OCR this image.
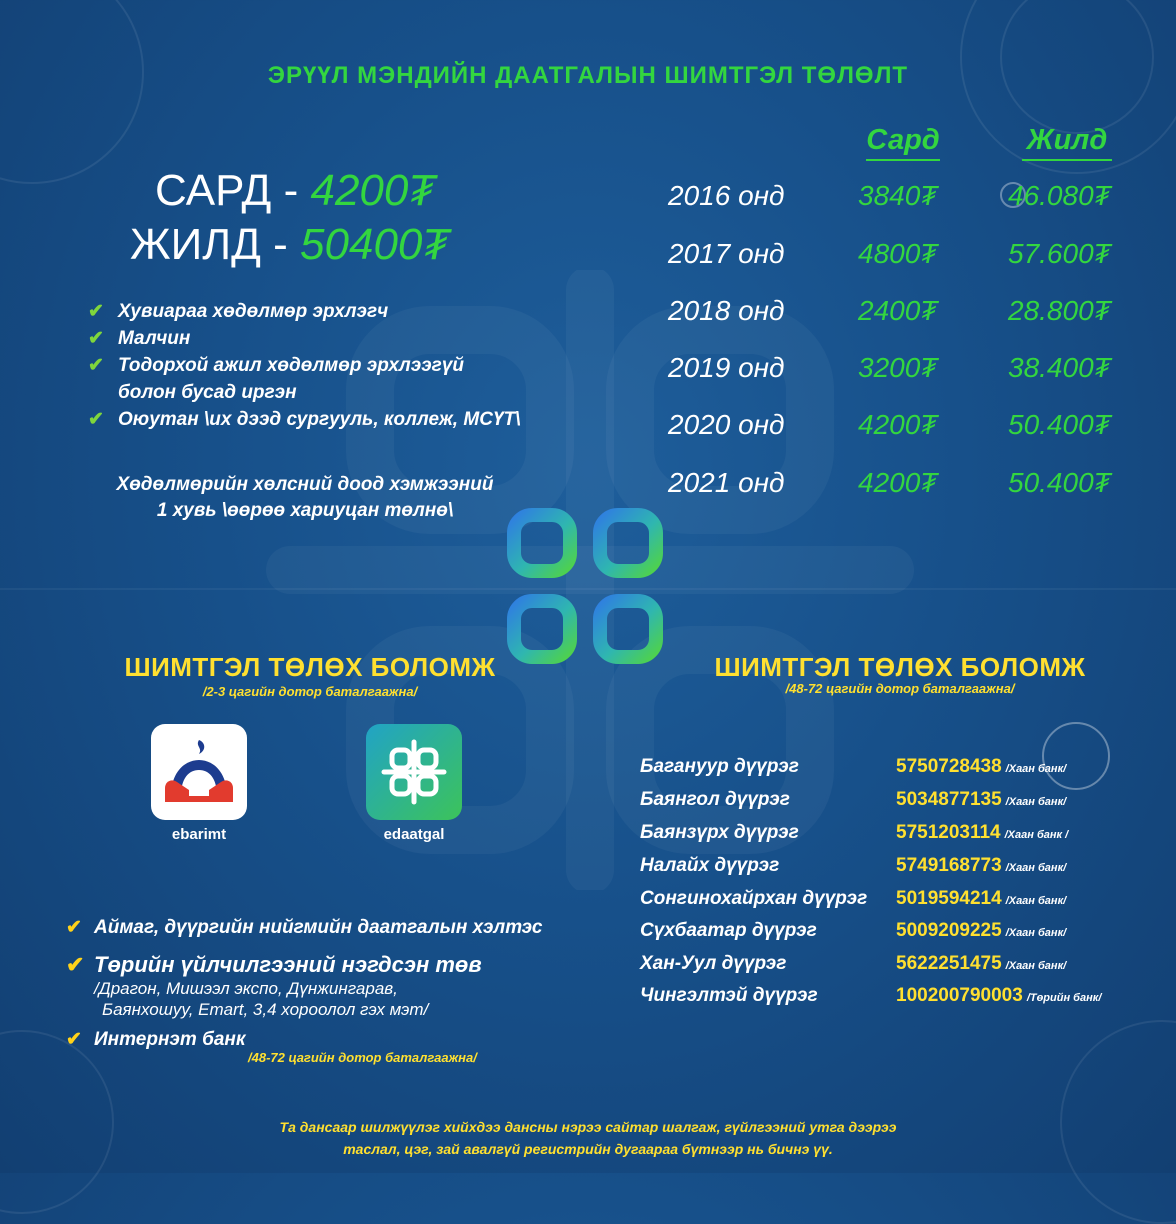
ЭРҮҮЛ МЭНДИЙН ДААТГАЛЫН ШИМТГЭЛ ТӨЛӨЛТ
САРД - 4200₮
ЖИЛД - 50400₮
✔ Хувиараа хөдөлмөр эрхлэгч
✔ Малчин
✔ Тодорхой ажил хөдөлмөр эрхлээгүй болон бусад иргэн
✔ Оюутан \их дээд сургууль, коллеж, МСҮТ\
Хөдөлмөрийн хөлсний доод хэмжээний
1 хувь \өөрөө хариуцан төлнө\
Сард	Жилд
2016 онд	3840₮	46.080₮
2017 онд	4800₮	57.600₮
2018 онд	2400₮	28.800₮
2019 онд	3200₮	38.400₮
2020 онд	4200₮	50.400₮
2021 онд	4200₮	50.400₮
ШИМТГЭЛ ТӨЛӨХ БОЛОМЖ
/2-3 цагийн дотор баталгаажна/
ebarimt	edaatgal
✔ Аймаг, дүүргийн нийгмийн даатгалын хэлтэс
✔ Төрийн үйлчилгээний нэгдсэн төв
/Драгон, Мишээл экспо, Дүнжингарав,
Баянхошуу, Emart, 3,4 хороолол гэх мэт/
✔ Интернэт банк
/48-72 цагийн дотор баталгаажна/
ШИМТГЭЛ ТӨЛӨХ БОЛОМЖ
/48-72 цагийн дотор баталгаажна/
Багануур дүүрэг	5750728438 /Хаан банк/
Баянгол дүүрэг	5034877135 /Хаан банк/
Баянзүрх дүүрэг	5751203114 /Хаан банк /
Налайх дүүрэг	5749168773 /Хаан банк/
Сонгинохайрхан дүүрэг 5019594214 /Хаан банк/
Сүхбаатар дүүрэг	5009209225 /Хаан банк/
Хан-Уул дүүрэг	5622251475 /Хаан банк/
Чингэлтэй дүүрэг	100200790003 /Төрийн банк/
Та дансаар шилжүүлэг хийхдээ дансны нэрээ сайтар шалгаж, гүйлгээний утга дээрээ
таслал, цэг, зай авалгүй регистрийн дугаараа бүтнээр нь бичнэ үү.
